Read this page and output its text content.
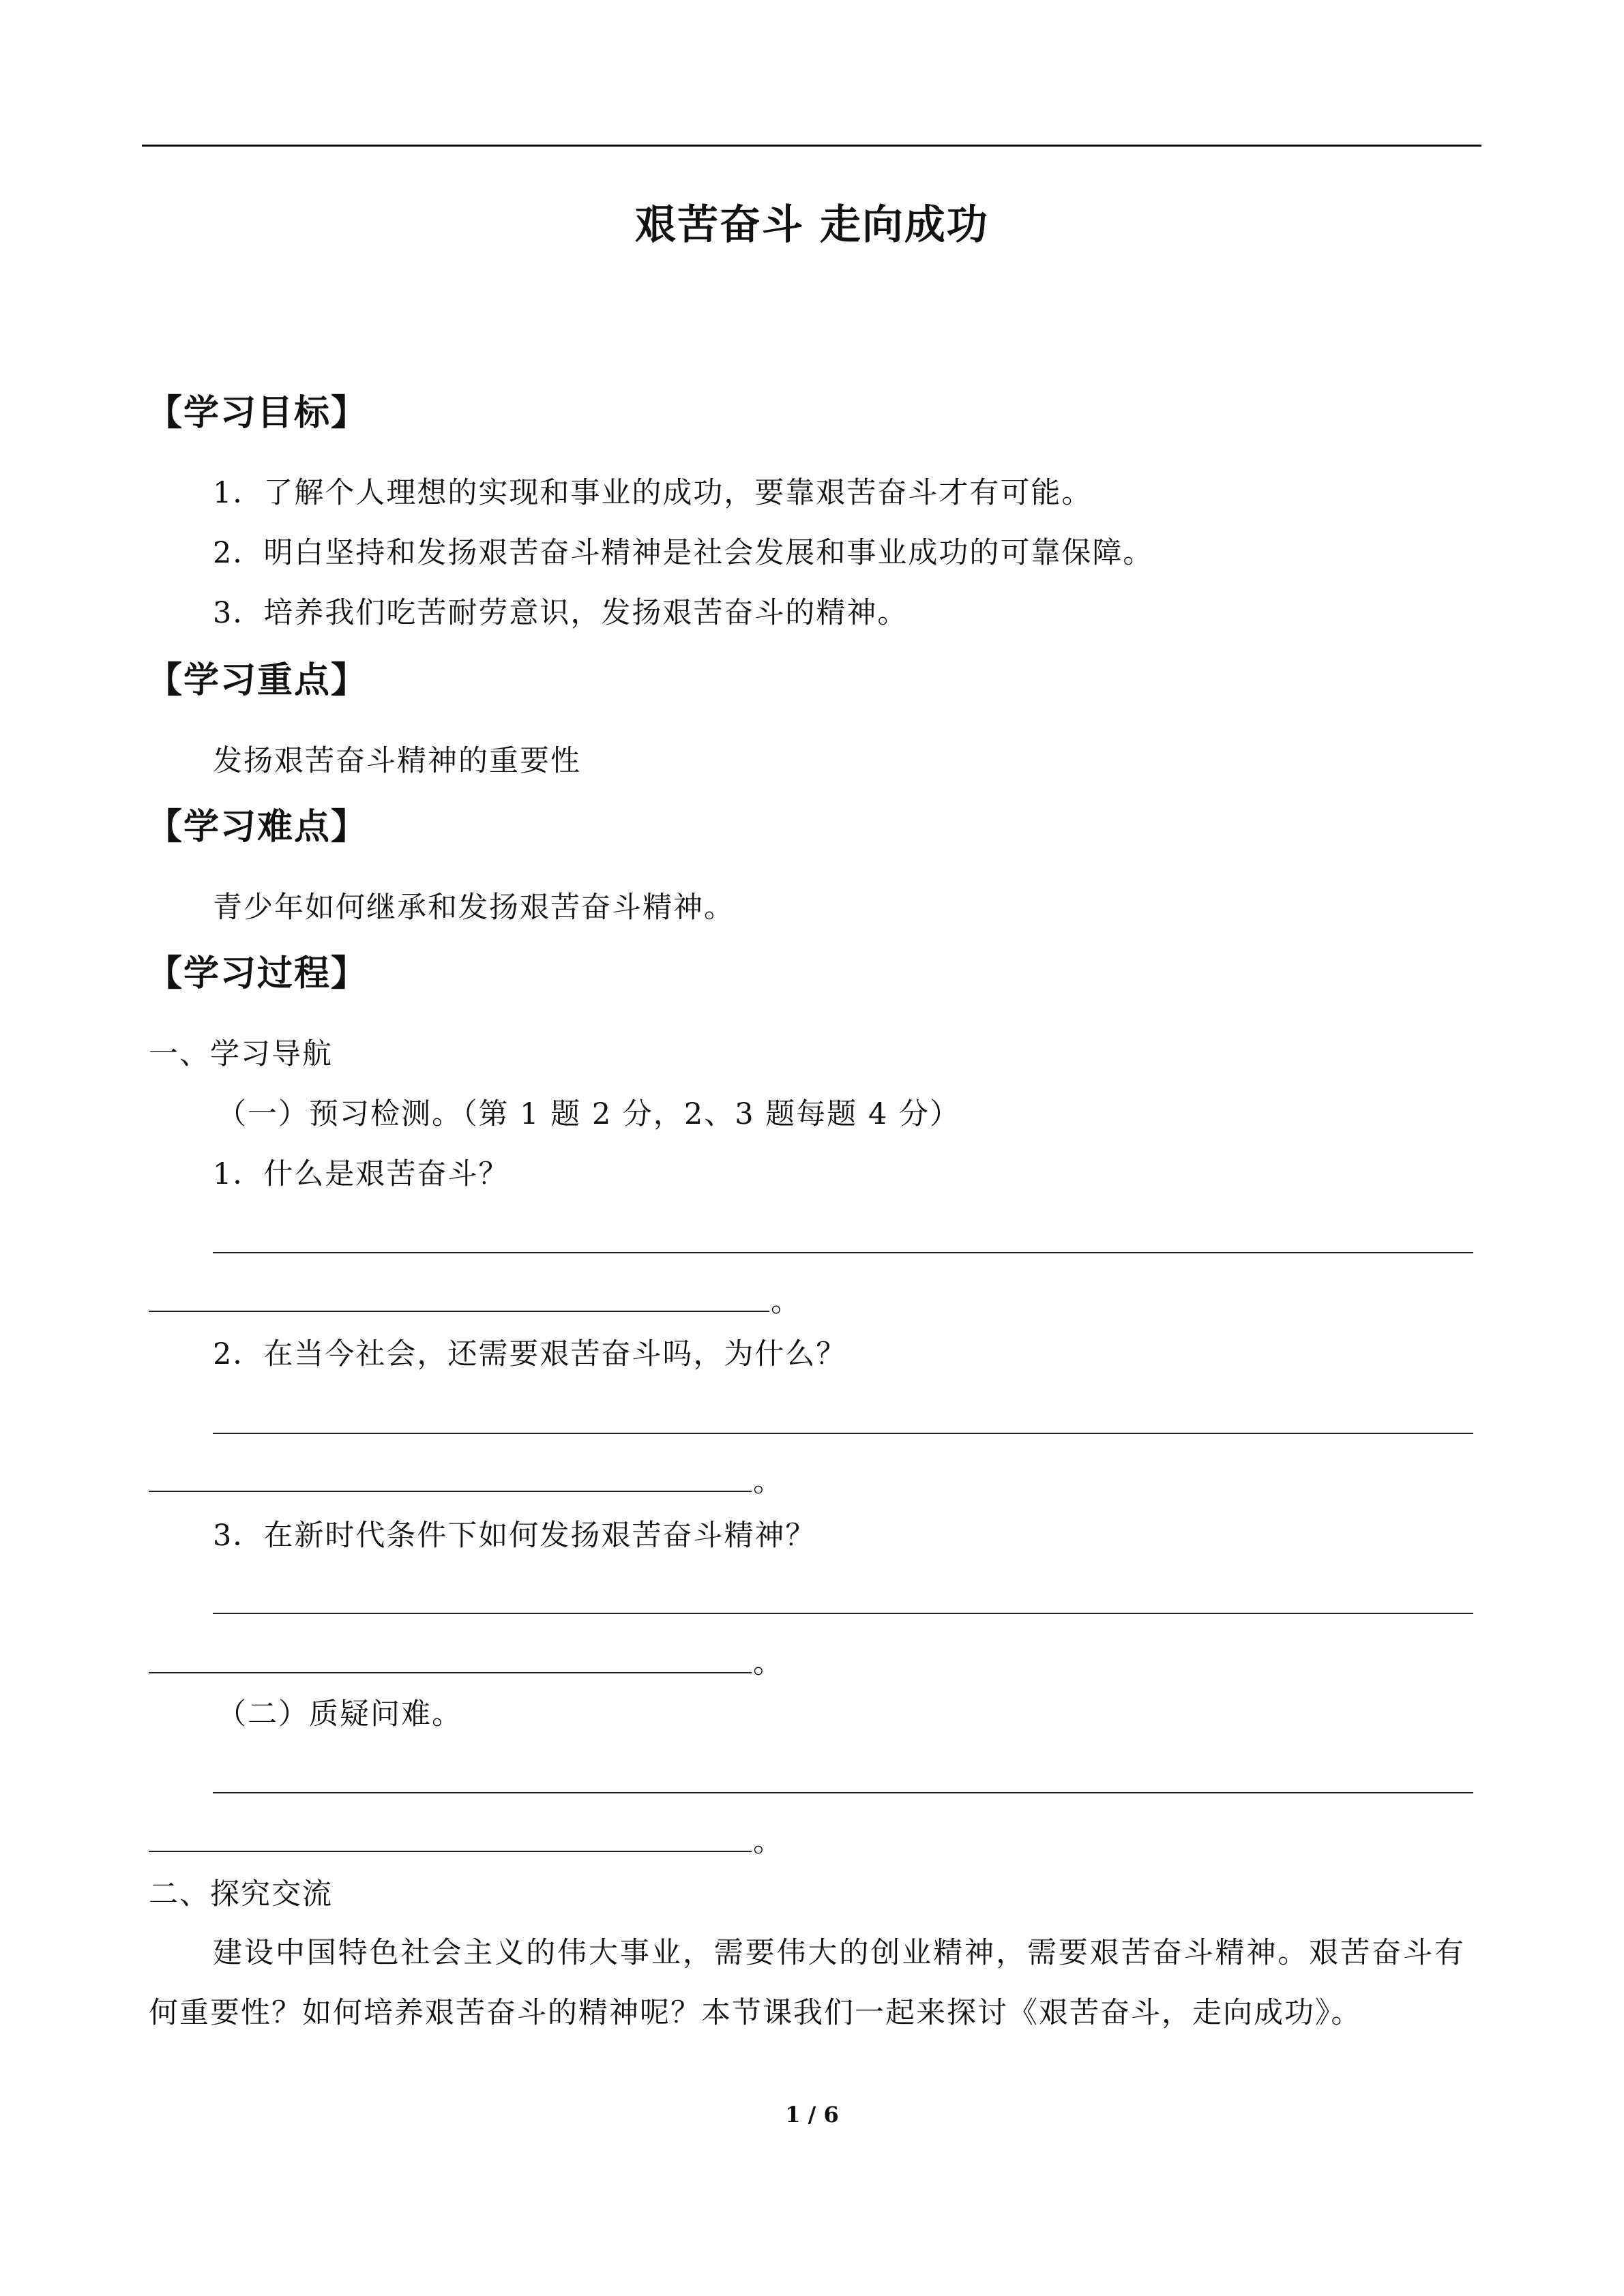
艰苦奋斗 走向成功
【学习目标】
1．了解个人理想的实现和事业的成功，要靠艰苦奋斗才有可能。
2．明白坚持和发扬艰苦奋斗精神是社会发展和事业成功的可靠保障。
3．培养我们吃苦耐劳意识，发扬艰苦奋斗的精神。
【学习重点】
发扬艰苦奋斗精神的重要性
【学习难点】
青少年如何继承和发扬艰苦奋斗精神。
【学习过程】
一、学习导航
（一）预习检测。（第 1 题 2 分，2、3 题每题 4 分）
1．什么是艰苦奋斗？
。
2．在当今社会，还需要艰苦奋斗吗，为什么？
。
3．在新时代条件下如何发扬艰苦奋斗精神？
。
（二）质疑问难。
。
二、探究交流
建设中国特色社会主义的伟大事业，需要伟大的创业精神，需要艰苦奋斗精神。艰苦奋斗有何重要性？如何培养艰苦奋斗的精神呢？本节课我们一起来探讨《艰苦奋斗，走向成功》。
1 / 6
